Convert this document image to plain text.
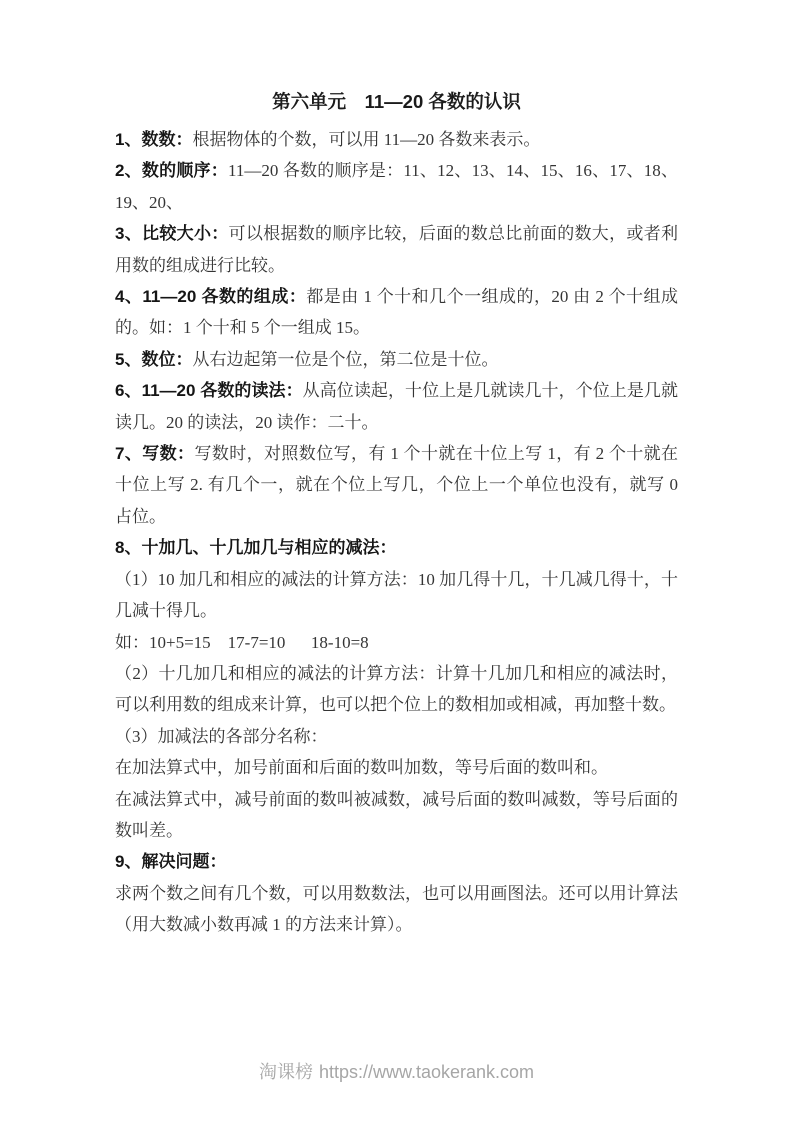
第六单元　11—20 各数的认识

1、数数：根据物体的个数，可以用 11—20 各数来表示。

2、数的顺序：11—20 各数的顺序是：11、12、13、14、15、16、17、18、19、20、

3、比较大小：可以根据数的顺序比较，后面的数总比前面的数大，或者利用数的组成进行比较。

4、11—20 各数的组成：都是由 1 个十和几个一组成的，20 由 2 个十组成的。如：1 个十和 5 个一组成 15。

5、数位：从右边起第一位是个位，第二位是十位。

6、11—20 各数的读法：从高位读起，十位上是几就读几十，个位上是几就读几。20 的读法，20 读作：二十。

7、写数：写数时，对照数位写，有 1 个十就在十位上写 1，有 2 个十就在十位上写 2. 有几个一，就在个位上写几，个位上一个单位也没有，就写 0 占位。

8、十加几、十几加几与相应的减法：

（1）10 加几和相应的减法的计算方法：10 加几得十几，十几减几得十，十几减十得几。

如：10+5=15    17-7=10      18-10=8

（2）十几加几和相应的减法的计算方法：计算十几加几和相应的减法时，可以利用数的组成来计算，也可以把个位上的数相加或相减，再加整十数。

（3）加减法的各部分名称：

在加法算式中，加号前面和后面的数叫加数，等号后面的数叫和。

在减法算式中，减号前面的数叫被减数，减号后面的数叫减数，等号后面的数叫差。

9、解决问题：

求两个数之间有几个数，可以用数数法，也可以用画图法。还可以用计算法（用大数减小数再减 1 的方法来计算）。

淘课榜 https://www.taokerank.com
